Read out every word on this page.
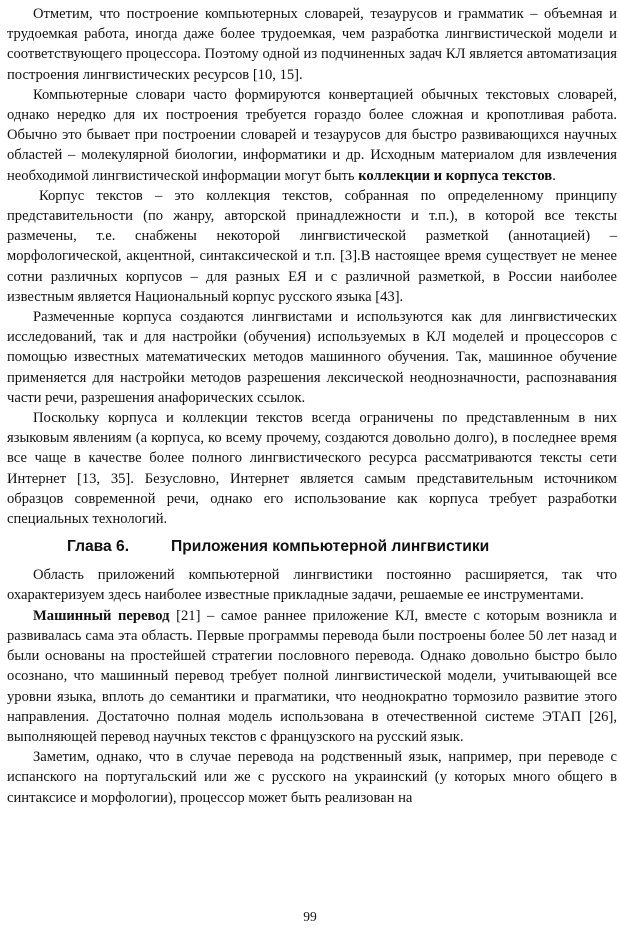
Отметим, что построение компьютерных словарей, тезаурусов и грамматик – объемная и трудоемкая работа, иногда даже более трудоемкая, чем разработка лингвистической модели и соответствующего процессора. Поэтому одной из подчиненных задач КЛ является автоматизация построения лингвистических ресурсов [10, 15].

Компьютерные словари часто формируются конвертацией обычных текстовых словарей, однако нередко для их построения требуется гораздо более сложная и кропотливая работа. Обычно это бывает при построении словарей и тезаурусов для быстро развивающихся научных областей – молекулярной биологии, информатики и др. Исходным материалом для извлечения необходимой лингвистической информации могут быть коллекции и корпуса текстов.

Корпус текстов – это коллекция текстов, собранная по определенному принципу представительности (по жанру, авторской принадлежности и т.п.), в которой все тексты размечены, т.е. снабжены некоторой лингвистической разметкой (аннотацией) – морфологической, акцентной, синтаксической и т.п. [3].В настоящее время существует не менее сотни различных корпусов – для разных ЕЯ и с различной разметкой, в России наиболее известным является Национальный корпус русского языка [43].

Размеченные корпуса создаются лингвистами и используются как для лингвистических исследований, так и для настройки (обучения) используемых в КЛ моделей и процессоров с помощью известных математических методов машинного обучения. Так, машинное обучение применяется для настройки методов разрешения лексической неоднозначности, распознавания части речи, разрешения анафорических ссылок.

Поскольку корпуса и коллекции текстов всегда ограничены по представленным в них языковым явлениям (а корпуса, ко всему прочему, создаются довольно долго), в последнее время все чаще в качестве более полного лингвистического ресурса рассматриваются тексты сети Интернет [13, 35]. Безусловно, Интернет является самым представительным источником образцов современной речи, однако его использование как корпуса требует разработки специальных технологий.

Глава 6.	Приложения компьютерной лингвистики

Область приложений компьютерной лингвистики постоянно расширяется, так что охарактеризуем здесь наиболее известные прикладные задачи, решаемые ее инструментами.

Машинный перевод [21] – самое раннее приложение КЛ, вместе с которым возникла и развивалась сама эта область. Первые программы перевода были построены более 50 лет назад и были основаны на простейшей стратегии пословного перевода. Однако довольно быстро было осознано, что машинный перевод требует полной лингвистической модели, учитывающей все уровни языка, вплоть до семантики и прагматики, что неоднократно тормозило развитие этого направления. Достаточно полная модель использована в отечественной системе ЭТАП [26], выполняющей перевод научных текстов с французского на русский язык.

Заметим, однако, что в случае перевода на родственный язык, например, при переводе с испанского на португальский или же с русского на украинский (у которых много общего в синтаксисе и морфологии), процессор может быть реализован на

99
